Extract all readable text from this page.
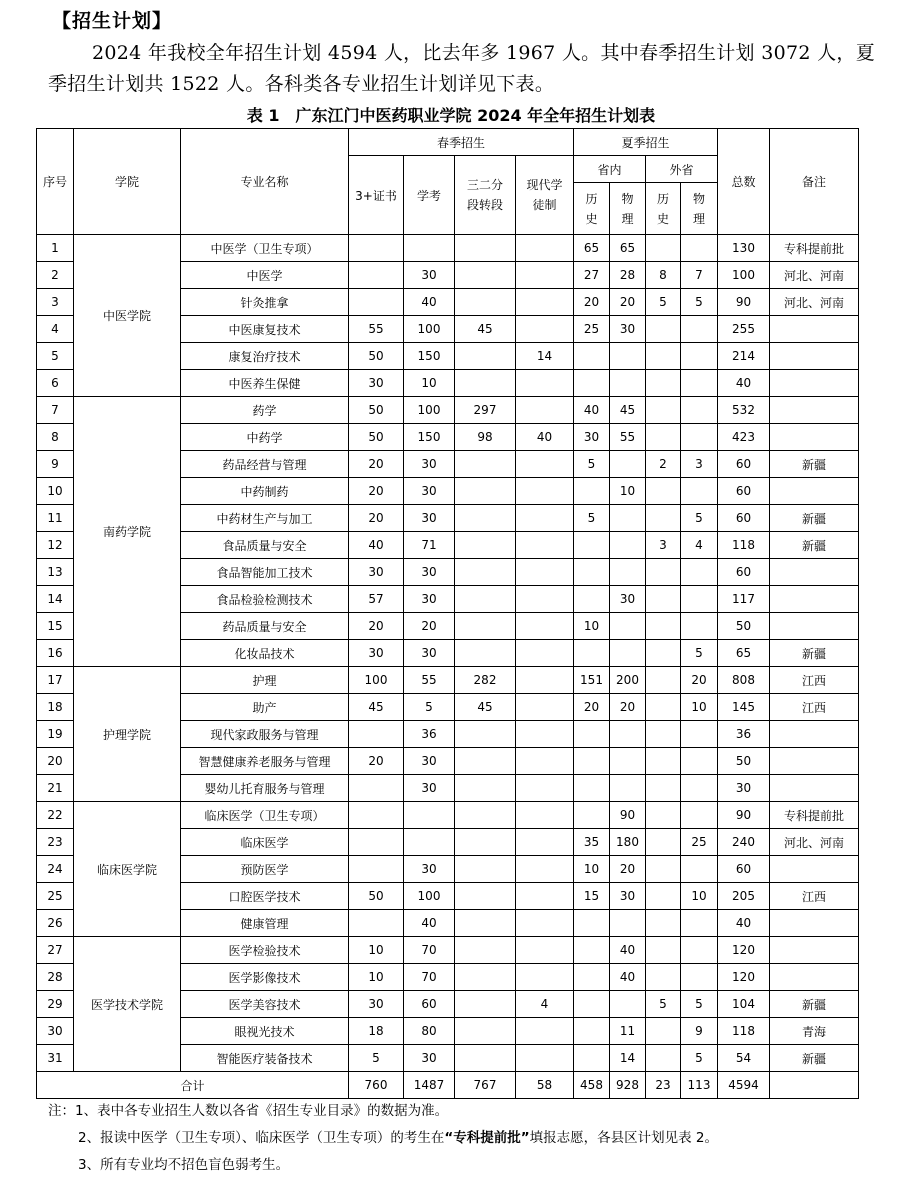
【招生计划】
2024 年我校全年招生计划 4594 人，比去年多 1967 人。其中春季招生计划 3072 人，夏季招生计划共 1522 人。各科类各专业招生计划详见下表。
表 1　广东江门中医药职业学院 2024 年全年招生计划表
序号	学院	专业名称	春季招生				夏季招生				总数	备注
			3+证书	学考	三二分段转段	现代学徒制	省内		外省			
							历史	物理	历史	物理		
1	中医学院	中医学（卫生专项）					65	65			130	专科提前批
2		中医学		30			27	28	8	7	100	河北、河南
3		针灸推拿		40			20	20	5	5	90	河北、河南
4		中医康复技术	55	100	45		25	30			255	
5		康复治疗技术	50	150		14					214	
6		中医养生保健	30	10							40	
7	南药学院	药学	50	100	297		40	45			532	
8		中药学	50	150	98	40	30	55			423	
9		药品经营与管理	20	30			5		2	3	60	新疆
10		中药制药	20	30				10			60	
11		中药材生产与加工	20	30			5			5	60	新疆
12		食品质量与安全	40	71					3	4	118	新疆
13		食品智能加工技术	30	30							60	
14		食品检验检测技术	57	30				30			117	
15		药品质量与安全	20	20			10				50	
16		化妆品技术	30	30						5	65	新疆
17	护理学院	护理	100	55	282		151	200		20	808	江西
18		助产	45	5	45		20	20		10	145	江西
19		现代家政服务与管理		36							36	
20		智慧健康养老服务与管理	20	30							50	
21		婴幼儿托育服务与管理		30							30	
22	临床医学院	临床医学（卫生专项）						90			90	专科提前批
23		临床医学					35	180		25	240	河北、河南
24		预防医学		30			10	20			60	
25		口腔医学技术	50	100			15	30		10	205	江西
26		健康管理		40							40	
27	医学技术学院	医学检验技术	10	70				40			120	
28		医学影像技术	10	70				40			120	
29		医学美容技术	30	60		4			5	5	104	新疆
30		眼视光技术	18	80				11		9	118	青海
31		智能医疗装备技术	5	30				14		5	54	新疆
合计			760	1487	767	58	458	928	23	113	4594	
注：1、表中各专业招生人数以各省《招生专业目录》的数据为准。
2、报读中医学（卫生专项）、临床医学（卫生专项）的考生在“专科提前批”填报志愿，各县区计划见表 2。
3、所有专业均不招色盲色弱考生。
